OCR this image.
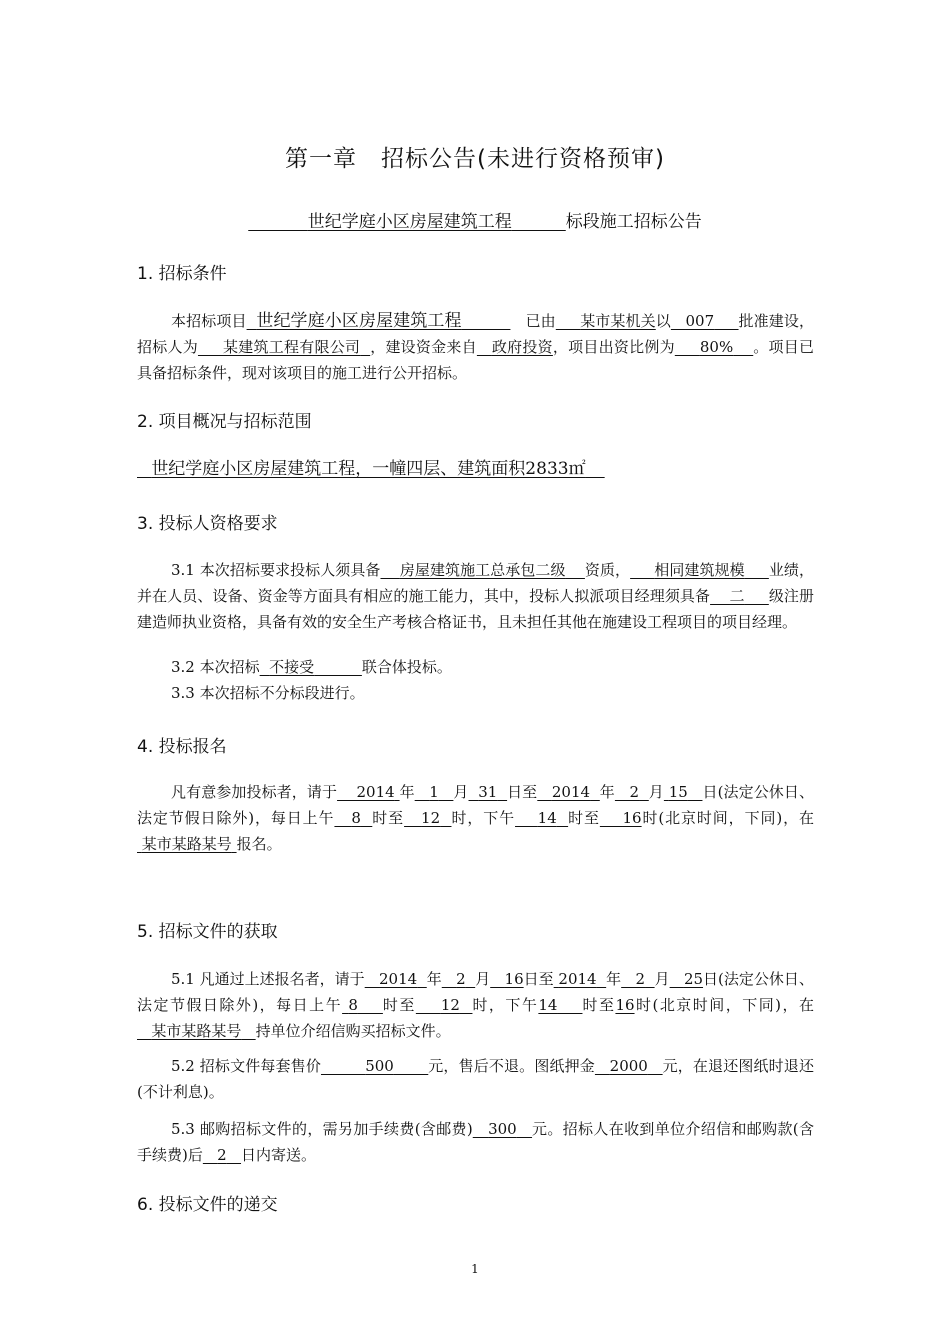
第一章　招标公告(未进行资格预审)
世纪学庭小区房屋建筑工程	标段施工招标公告
1. 招标条件
本招标项目 世纪学庭小区房屋建筑工程          　	已由 某市某机关以 007 批准建设，招标人为 某建筑工程有限公司 ，建设资金来自 政府投资，项目出资比例为 80% 。项目已具备招标条件，现对该项目的施工进行公开招标。
2. 项目概况与招标范围
世纪学庭小区房屋建筑工程，一幢四层、建筑面积2833㎡
3. 投标人资格要求
3.1 本次招标要求投标人须具备 房屋建筑施工总承包二级 资质， 相同建筑规模 业绩，并在人员、设备、资金等方面具有相应的施工能力，其中，投标人拟派项目经理须具备 二 级注册建造师执业资格，具备有效的安全生产考核合格证书，且未担任其他在施建设工程项目的项目经理。
3.2 本次招标 不接受	联合体投标。
3.3 本次招标不分标段进行。
4. 投标报名
凡有意参加投标者，请于 2014 年 1 月 31 日至 2014 年 2 月 15 日(法定公休日、法定节假日除外)，每日上午 8 时至 12 时，下午 14 时至 16时(北京时间，下同)，在 某市某路某号 报名。
5. 招标文件的获取
5.1 凡通过上述报名者，请于 2014 年 2 月 16日至 2014 年 2 月 25日(法定公休日、法定节假日除外)，每日上午 8 时至 12 时，下午14 时至16时(北京时间，下同)，在   某市某路某号 持单位介绍信购买招标文件。
5.2 招标文件每套售价	500 元，售后不退。图纸押金 2000 元，在退还图纸时退还(不计利息)。
5.3 邮购招标文件的，需另加手续费(含邮费) 300 元。招标人在收到单位介绍信和邮购款(含手续费)后 2 日内寄送。
6. 投标文件的递交
1
